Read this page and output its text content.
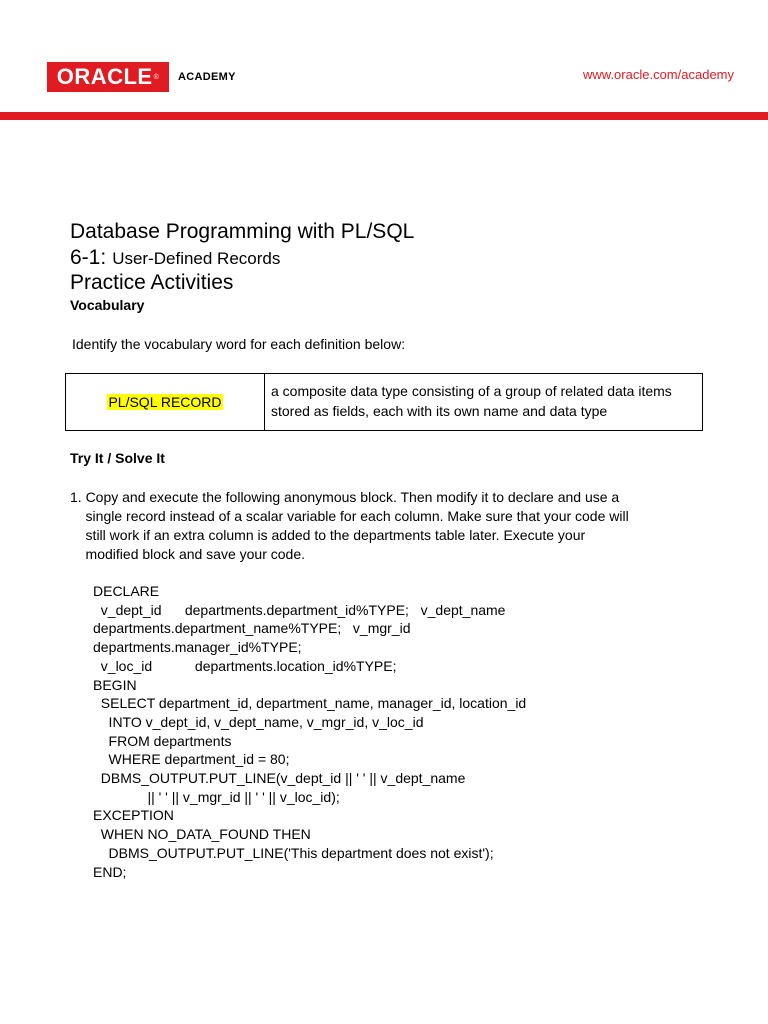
ORACLE ® ACADEMY	www.oracle.com/academy
Database Programming with PL/SQL
6-1: User-Defined Records
Practice Activities
Vocabulary
Identify the vocabulary word for each definition below:
PL/SQL RECORD
a composite data type consisting of a group of related data items stored as fields, each with its own name and data type
Try It / Solve It
1. Copy and execute the following anonymous block. Then modify it to declare and use a
single record instead of a scalar variable for each column. Make sure that your code will
still work if an extra column is added to the departments table later. Execute your
modified block and save your code.
DECLARE
v_dept_id      departments.department_id%TYPE;   v_dept_name
departments.department_name%TYPE;   v_mgr_id
departments.manager_id%TYPE;
v_loc_id           departments.location_id%TYPE;
BEGIN
SELECT department_id, department_name, manager_id, location_id
INTO v_dept_id, v_dept_name, v_mgr_id, v_loc_id
FROM departments
WHERE department_id = 80;
DBMS_OUTPUT.PUT_LINE(v_dept_id || ' ' || v_dept_name
|| ' ' || v_mgr_id || ' ' || v_loc_id);
EXCEPTION
WHEN NO_DATA_FOUND THEN
DBMS_OUTPUT.PUT_LINE('This department does not exist');
END;
